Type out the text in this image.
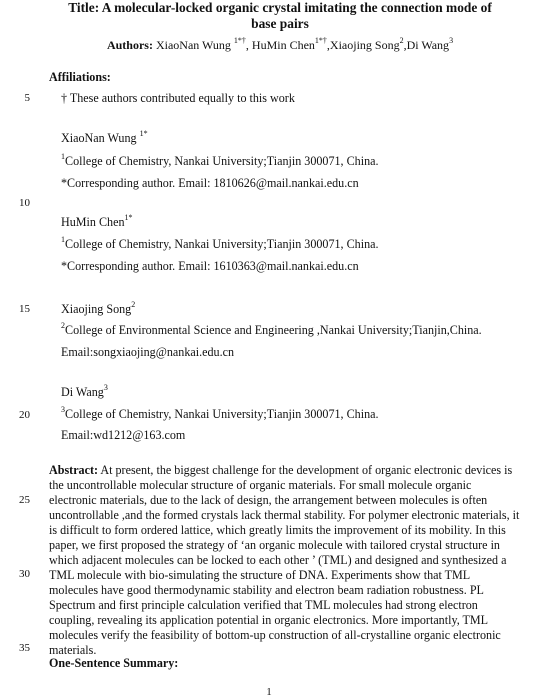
Title: A molecular-locked organic crystal imitating the connection mode of
base pairs
Authors: XiaoNan Wung $^{1*\dagger}$, HuMin Chen$^{1*\dagger}$,Xiaojing Song$^2$,Di Wang$^3$
Affiliations:
5	† These authors contributed equally to this work
XiaoNan Wung $^{1*}$
$^1$College of Chemistry, Nankai University;Tianjin 300071, China.
*Corresponding author. Email: 1810626@mail.nankai.edu.cn
10
HuMin Chen$^{1*}$
$^1$College of Chemistry, Nankai University;Tianjin 300071, China.
*Corresponding author. Email: 1610363@mail.nankai.edu.cn
15	Xiaojing Song$^2$
$^2$College of Environmental Science and Engineering ,Nankai University;Tianjin,China.
Email:songxiaojing@nankai.edu.cn
Di Wang$^3$
20	$^3$College of Chemistry, Nankai University;Tianjin 300071, China.
Email:wd1212@163.com
Abstract: At present, the biggest challenge for the development of organic electronic devices is
the uncontrollable molecular structure of organic materials. For small molecule organic
electronic materials, due to the lack of design, the arrangement between molecules is often
uncontrollable ,and the formed crystals lack thermal stability. For polymer electronic materials, it
is difficult to form ordered lattice, which greatly limits the improvement of its mobility. In this
paper, we first proposed the strategy of ‘an organic molecule with tailored crystal structure in
which adjacent molecules can be locked to each other ’ (TML) and designed and synthesized a
TML molecule with bio-simulating the structure of DNA. Experiments show that TML
molecules have good thermodynamic stability and electron beam radiation robustness. PL
Spectrum and first principle calculation verified that TML molecules had strong electron
coupling, revealing its application potential in organic electronics. More importantly, TML
molecules verify the feasibility of bottom-up construction of all-crystalline organic electronic
materials.
25
30
35
One-Sentence Summary:
1
